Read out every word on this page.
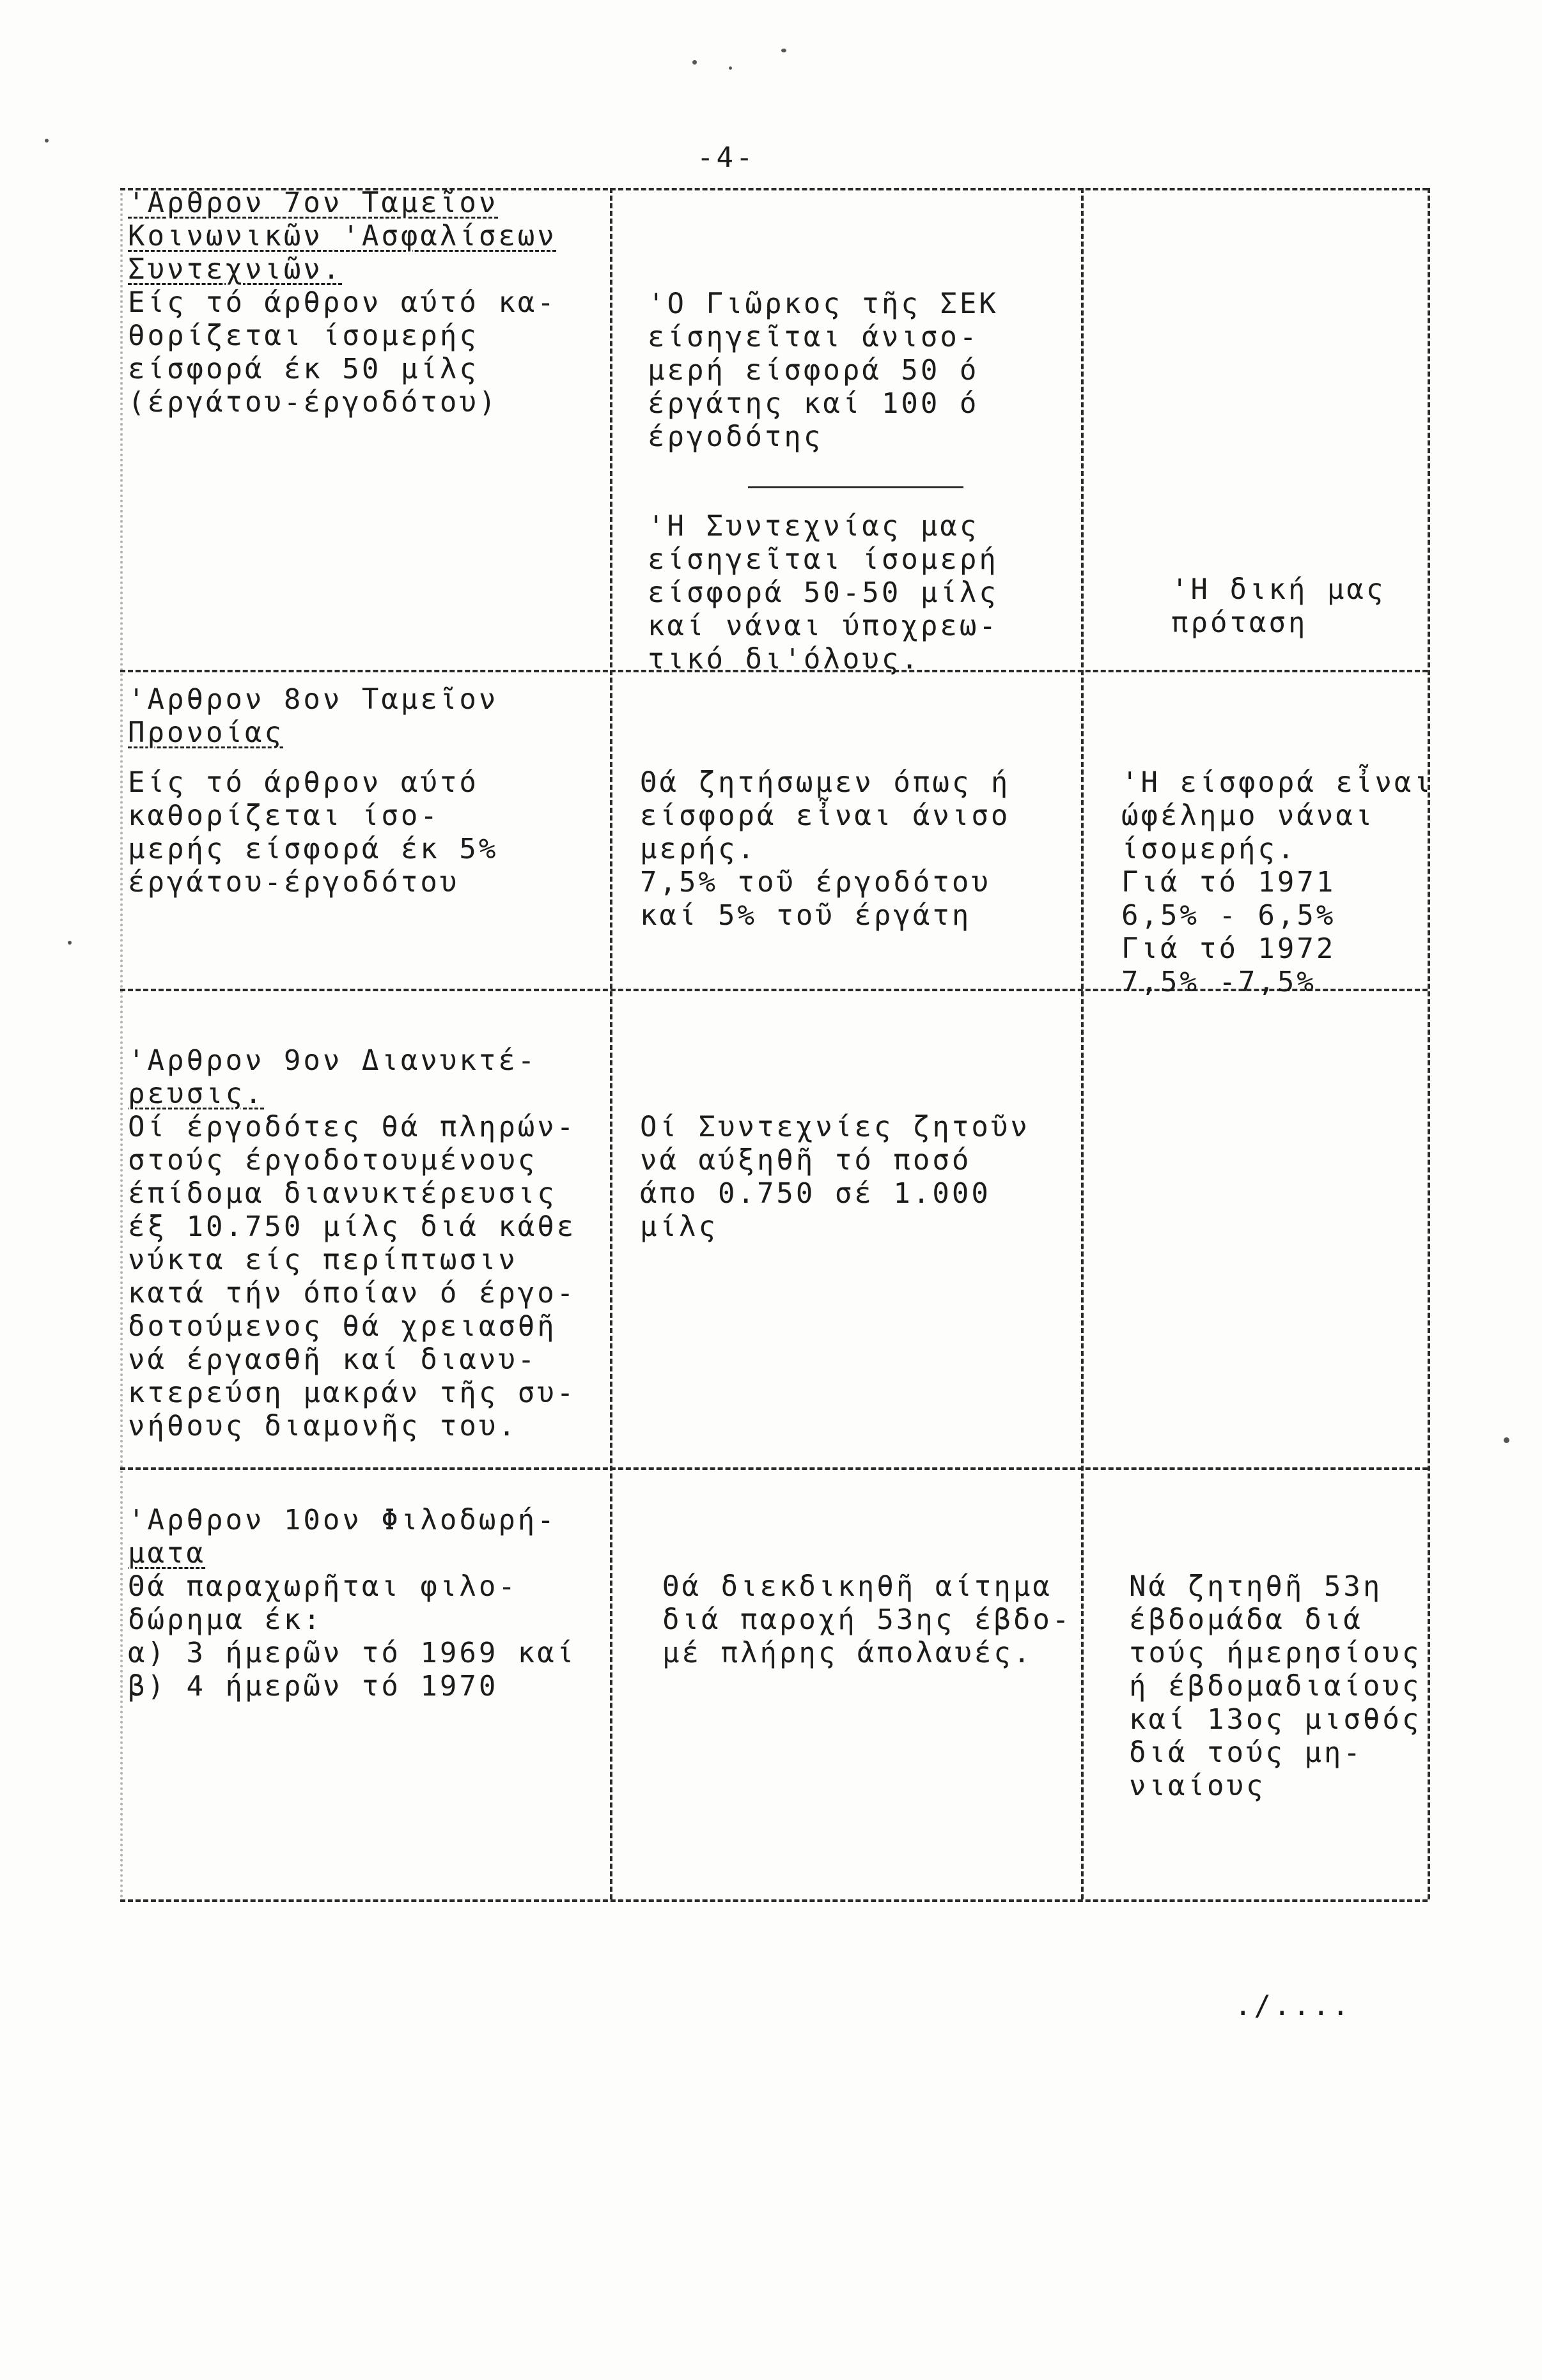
-4-
'Αρθρον 7ον Ταμεῖον
Κοινωνικῶν 'Ασφαλίσεων
Συντεχνιῶν.
Είς τό άρθρον αύτό κα-
θορίζεται ίσομερής
είσφορά έκ 50 μίλς
(έργάτου-έργοδότου)
'Ο Γιῶρκος τῆς ΣΕΚ
είσηγεῖται άνισο-
μερή είσφορά 50 ό
έργάτης καί 100 ό
έργοδότης
'Η Συντεχνίας μας
είσηγεῖται ίσομερή
είσφορά 50-50 μίλς
καί νάναι ύποχρεω-
τικό δι'όλους.
'Η δική μας
πρόταση
'Αρθρον 8ον Ταμεῖον
Προνοίας
Είς τό άρθρον αύτό
καθορίζεται ίσο-
μερής είσφορά έκ 5%
έργάτου-έργοδότου
Θά ζητήσωμεν όπως ή
είσφορά εἶναι άνισο
μερής.
7,5% τοῦ έργοδότου
καί 5% τοῦ έργάτη
'Η είσφορά εἶναι
ώφέλημο νάναι
ίσομερής.
Γιά τό 1971
6,5% - 6,5%
Γιά τό 1972
7,5% -7,5%
'Αρθρον 9ον Διανυκτέ-
ρευσις.
Οί έργοδότες θά πληρών-
στούς έργοδοτουμένους
έπίδομα διανυκτέρευσις
έξ 10.750 μίλς διά κάθε
νύκτα είς περίπτωσιν
κατά τήν όποίαν ό έργο-
δοτούμενος θά χρειασθῆ
νά έργασθῆ καί διανυ-
κτερεύση μακράν τῆς συ-
νήθους διαμονῆς του.
Οί Συντεχνίες ζητοῦν
νά αύξηθῆ τό ποσό
άπο 0.750 σέ 1.000
μίλς
'Αρθρον 10ον Φιλοδωρή-
ματα
Θά παραχωρῆται φιλο-
δώρημα έκ:
α) 3 ήμερῶν τό 1969 καί
β) 4 ήμερῶν τό 1970
Θά διεκδικηθῆ αίτημα
διά παροχή 53ης έβδο-
μέ πλήρης άπολαυές.
Νά ζητηθῆ 53η
έβδομάδα διά
τούς ήμερησίους
ή έβδομαδιαίους
καί 13ος μισθός
διά τούς μη-
νιαίους
./....
